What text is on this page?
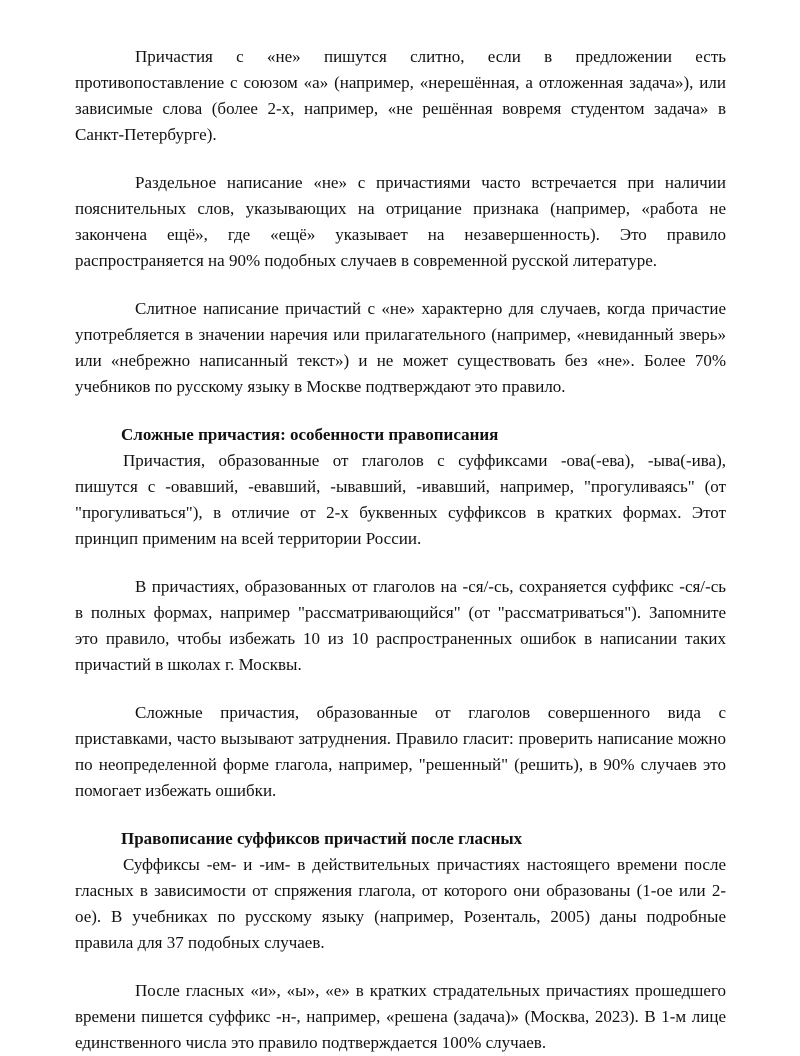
Причастия с «не» пишутся слитно, если в предложении есть противопоставление с союзом «а» (например, «нерешённая, а отложенная задача»), или зависимые слова (более 2-х, например, «не решённая вовремя студентом задача» в Санкт-Петербурге).

Раздельное написание «не» с причастиями часто встречается при наличии пояснительных слов, указывающих на отрицание признака (например, «работа не закончена ещё», где «ещё» указывает на незавершенность). Это правило распространяется на 90% подобных случаев в современной русской литературе.

Слитное написание причастий с «не» характерно для случаев, когда причастие употребляется в значении наречия или прилагательного (например, «невиданный зверь» или «небрежно написанный текст») и не может существовать без «не». Более 70% учебников по русскому языку в Москве подтверждают это правило.

Сложные причастия: особенности правописания

Причастия, образованные от глаголов с суффиксами -ова(-ева), -ыва(-ива), пишутся с -овавший, -евавший, -ывавший, -ивавший, например, "прогуливаясь" (от "прогуливаться"), в отличие от 2-х буквенных суффиксов в кратких формах. Этот принцип применим на всей территории России.

В причастиях, образованных от глаголов на -ся/-сь, сохраняется суффикс -ся/-сь в полных формах, например "рассматривающийся" (от "рассматриваться"). Запомните это правило, чтобы избежать 10 из 10 распространенных ошибок в написании таких причастий в школах г. Москвы.

Сложные причастия, образованные от глаголов совершенного вида с приставками, часто вызывают затруднения. Правило гласит: проверить написание можно по неопределенной форме глагола, например, "решенный" (решить), в 90% случаев это помогает избежать ошибки.

Правописание суффиксов причастий после гласных

Суффиксы -ем- и -им- в действительных причастиях настоящего времени после гласных в зависимости от спряжения глагола, от которого они образованы (1-ое или 2-ое). В учебниках по русскому языку (например, Розенталь, 2005) даны подробные правила для 37 подобных случаев.

После гласных «и», «ы», «е» в кратких страдательных причастиях прошедшего времени пишется суффикс -н-, например, «решена (задача)» (Москва, 2023). В 1-м лице единственного числа это правило подтверждается 100% случаев.
